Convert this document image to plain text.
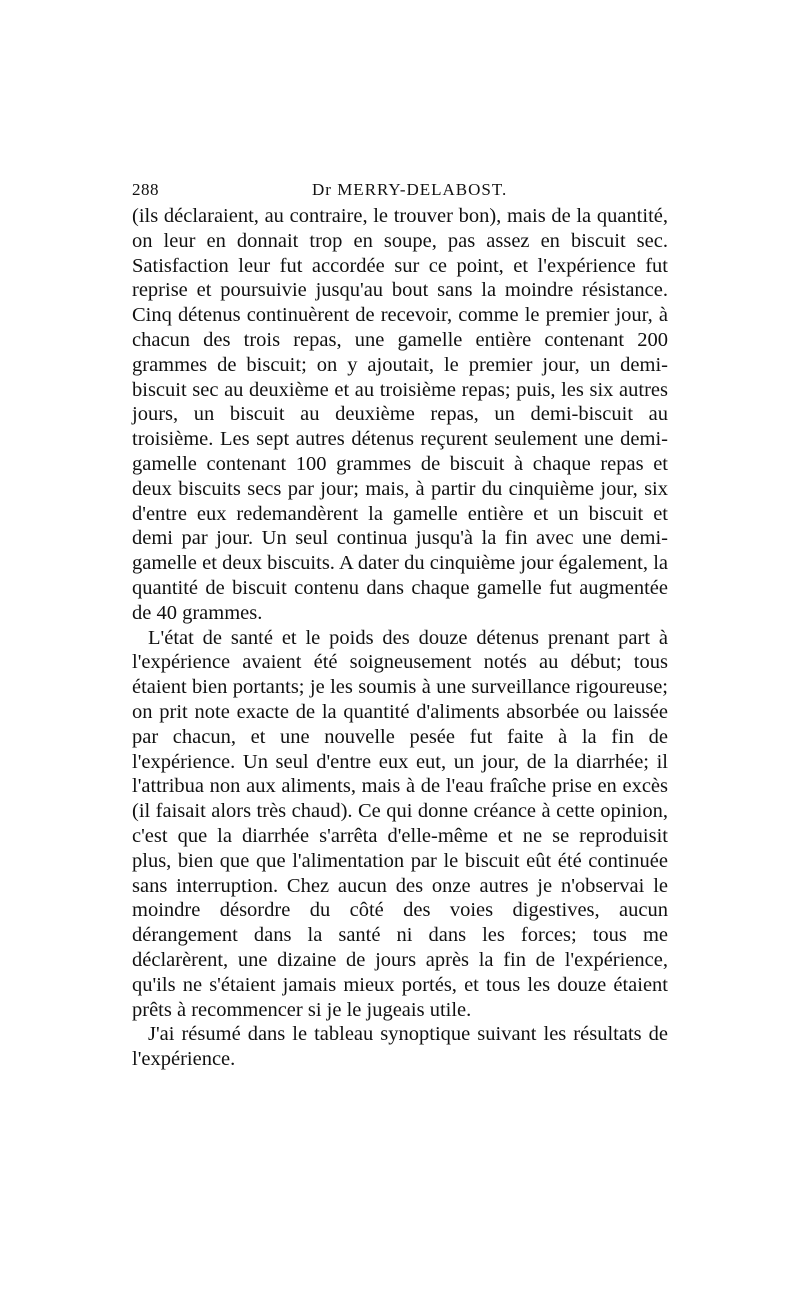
288	Dr MERRY-DELABOST.

(ils déclaraient, au contraire, le trouver bon), mais de la quantité, on leur en donnait trop en soupe, pas assez en biscuit sec. Satisfaction leur fut accordée sur ce point, et l'expérience fut reprise et poursuivie jusqu'au bout sans la moindre résistance. Cinq détenus continuèrent de recevoir, comme le premier jour, à chacun des trois repas, une gamelle entière contenant 200 grammes de biscuit; on y ajoutait, le premier jour, un demi-biscuit sec au deuxième et au troisième repas; puis, les six autres jours, un biscuit au deuxième repas, un demi-biscuit au troisième. Les sept autres détenus reçurent seulement une demi-gamelle contenant 100 grammes de biscuit à chaque repas et deux biscuits secs par jour; mais, à partir du cinquième jour, six d'entre eux redemandèrent la gamelle entière et un biscuit et demi par jour. Un seul continua jusqu'à la fin avec une demi-gamelle et deux biscuits. A dater du cinquième jour également, la quantité de biscuit contenu dans chaque gamelle fut augmentée de 40 grammes.

L'état de santé et le poids des douze détenus prenant part à l'expérience avaient été soigneusement notés au début; tous étaient bien portants; je les soumis à une surveillance rigoureuse; on prit note exacte de la quantité d'aliments absorbée ou laissée par chacun, et une nouvelle pesée fut faite à la fin de l'expérience. Un seul d'entre eux eut, un jour, de la diarrhée; il l'attribua non aux aliments, mais à de l'eau fraîche prise en excès (il faisait alors très chaud). Ce qui donne créance à cette opinion, c'est que la diarrhée s'arrêta d'elle-même et ne se reproduisit plus, bien que que l'alimentation par le biscuit eût été continuée sans interruption. Chez aucun des onze autres je n'observai le moindre désordre du côté des voies digestives, aucun dérangement dans la santé ni dans les forces; tous me déclarèrent, une dizaine de jours après la fin de l'expérience, qu'ils ne s'étaient jamais mieux portés, et tous les douze étaient prêts à recommencer si je le jugeais utile.

J'ai résumé dans le tableau synoptique suivant les résultats de l'expérience.
